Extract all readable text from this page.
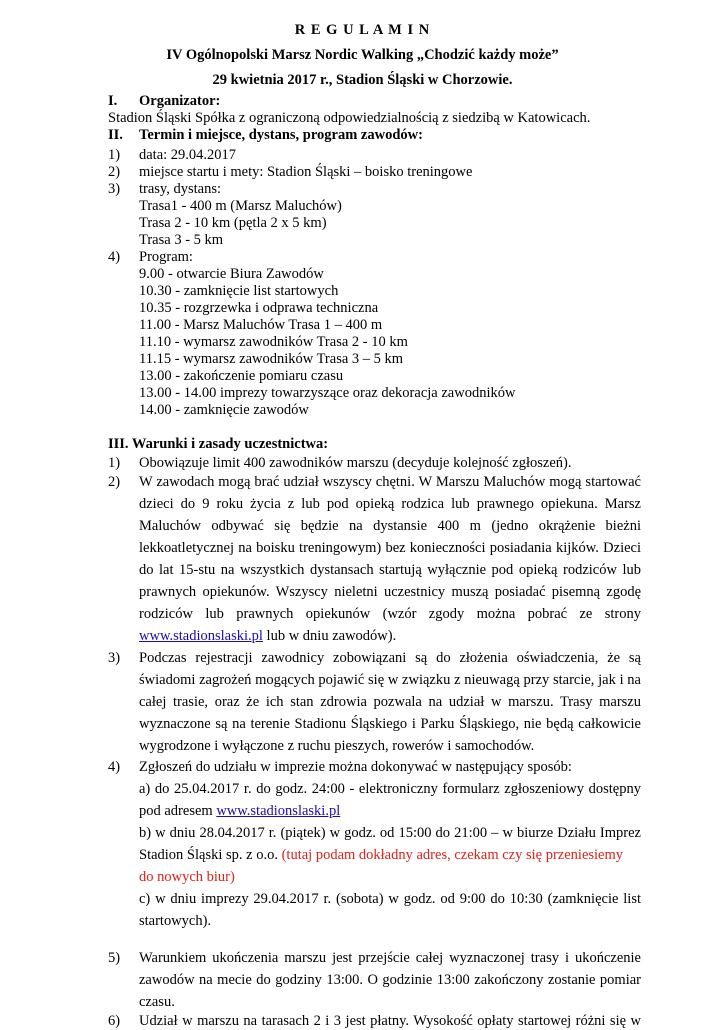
R E G U L A M I N
IV Ogólnopolski Marsz Nordic Walking „Chodzić każdy może”
29 kwietnia 2017 r., Stadion Śląski w Chorzowie.
I. Organizator:
Stadion Śląski Spółka z ograniczoną odpowiedzialnością z siedzibą w Katowicach.
II. Termin i miejsce, dystans, program zawodów:
1) data: 29.04.2017
2) miejsce startu i mety: Stadion Śląski – boisko treningowe
3) trasy, dystans:
Trasa1 - 400 m (Marsz Maluchów)
Trasa 2 - 10 km (pętla 2 x 5 km)
Trasa 3 - 5 km
4) Program:
9.00 - otwarcie Biura Zawodów
10.30 - zamknięcie list startowych
10.35 - rozgrzewka i odprawa techniczna
11.00 - Marsz Maluchów Trasa 1 – 400 m
11.10 - wymarsz zawodników Trasa 2 - 10 km
11.15 - wymarsz zawodników Trasa 3 – 5 km
13.00 - zakończenie pomiaru czasu
13.00 - 14.00 imprezy towarzyszące oraz dekoracja zawodników
14.00 - zamknięcie zawodów
III. Warunki i zasady uczestnictwa:
1) Obowiązuje limit 400 zawodników marszu (decyduje kolejność zgłoszeń).
2) W zawodach mogą brać udział wszyscy chętni. W Marszu Maluchów mogą startować
dzieci do 9 roku życia z lub pod opieką rodzica lub prawnego opiekuna. Marsz
Maluchów odbywać się będzie na dystansie 400 m (jedno okrążenie bieżni
lekkoatletycznej na boisku treningowym) bez konieczności posiadania kijków. Dzieci
do lat 15-stu na wszystkich dystansach startują wyłącznie pod opieką rodziców lub
prawnych opiekunów. Wszyscy nieletni uczestnicy muszą posiadać pisemną zgodę
rodziców lub prawnych opiekunów (wzór zgody można pobrać ze strony
www.stadionslaski.pl lub w dniu zawodów).
3) Podczas rejestracji zawodnicy zobowiązani są do złożenia oświadczenia, że są
świadomi zagrożeń mogących pojawić się w związku z nieuwagą przy starcie, jak i na
całej trasie, oraz że ich stan zdrowia pozwala na udział w marszu. Trasy marszu
wyznaczone są na terenie Stadionu Śląskiego i Parku Śląskiego, nie będą całkowicie
wygrodzone i wyłączone z ruchu pieszych, rowerów i samochodów.
4) Zgłoszeń do udziału w imprezie można dokonywać w następujący sposób:
a) do 25.04.2017 r. do godz. 24:00 - elektroniczny formularz zgłoszeniowy dostępny
pod adresem www.stadionslaski.pl
b) w dniu 28.04.2017 r. (piątek) w godz. od 15:00 do 21:00 – w biurze Działu Imprez
Stadion Śląski sp. z o.o. (tutaj podam dokładny adres, czekam czy się przeniesiemy
do nowych biur)
c) w dniu imprezy 29.04.2017 r. (sobota) w godz. od 9:00 do 10:30 (zamknięcie list
startowych).
5) Warunkiem ukończenia marszu jest przejście całej wyznaczonej trasy i ukończenie
zawodów na mecie do godziny 13:00. O godzinie 13:00 zakończony zostanie pomiar
czasu.
6) Udział w marszu na tarasach 2 i 3 jest płatny. Wysokość opłaty startowej różni się w
